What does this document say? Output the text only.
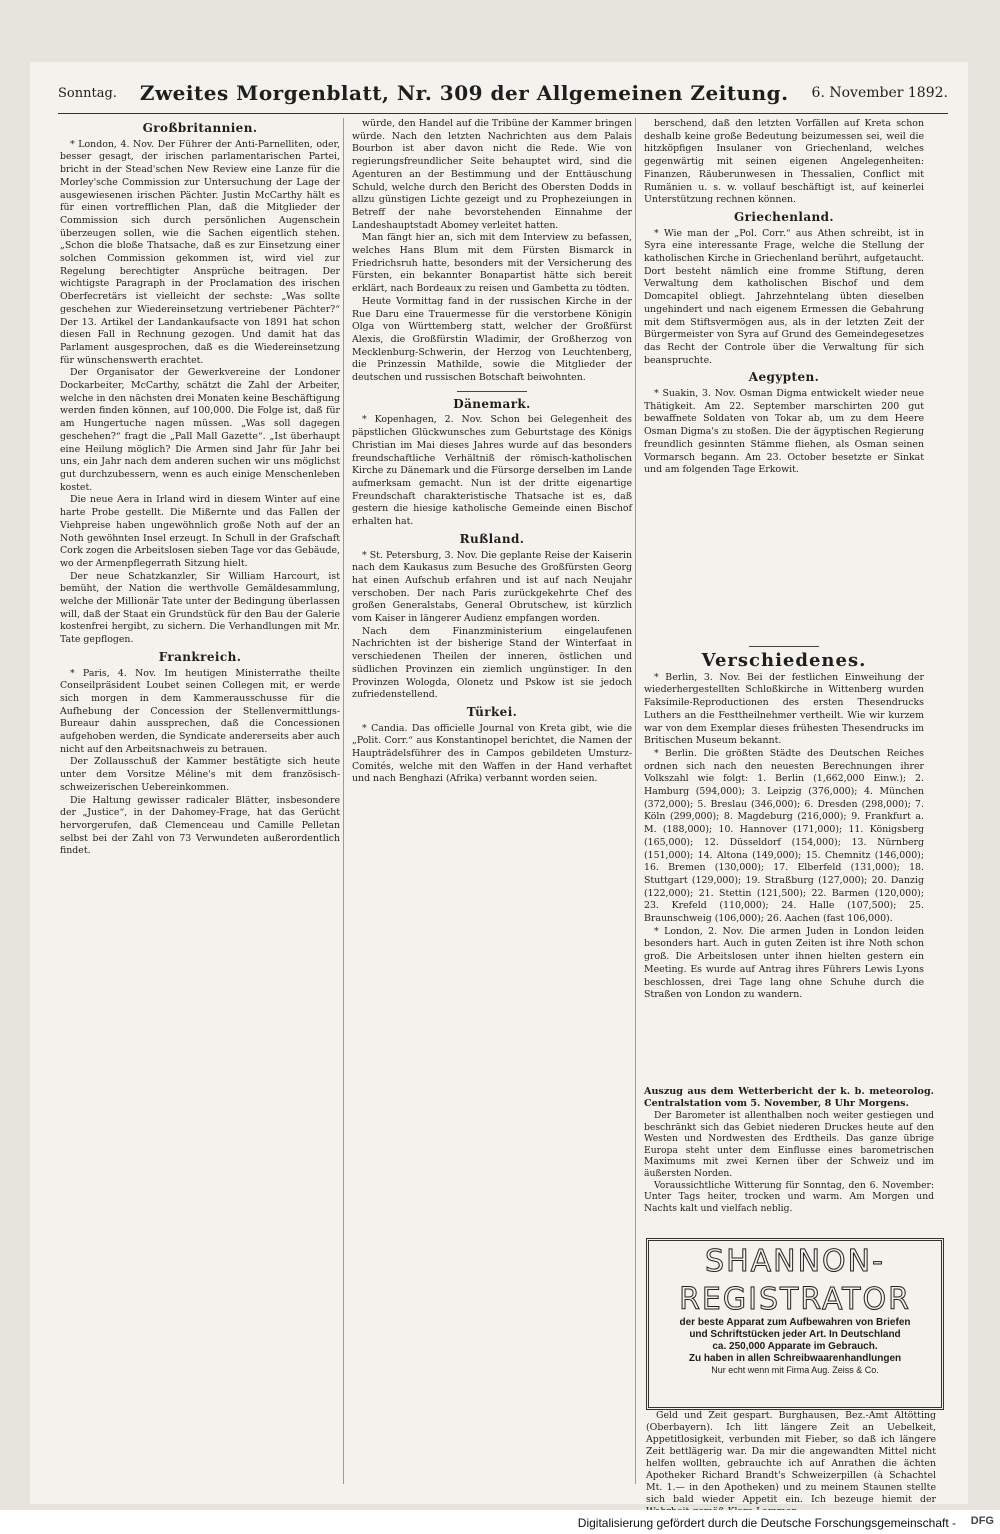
Sonntag. Zweites Morgenblatt, Nr. 309 der Allgemeinen Zeitung. 6. November 1892.
Großbritannien.

* London, 4. Nov. Der Führer der Anti-Parnelliten, oder, besser gesagt, der irischen parlamentarischen Partei, bricht in der Stead'schen New Review eine Lanze für die Morley'sche Commission zur Untersuchung der Lage der ausgewiesenen irischen Pächter. Justin McCarthy hält es für einen vortrefflichen Plan, daß die Mitglieder der Commission sich durch persönlichen Augenschein überzeugen sollen, wie die Sachen eigentlich stehen. „Schon die bloße Thatsache, daß es zur Einsetzung einer solchen Commission gekommen ist, wird viel zur Regelung berechtigter Ansprüche beitragen. Der wichtigste Paragraph in der Proclamation des irischen Oberfecretärs ist vielleicht der sechste: „Was sollte geschehen zur Wiedereinsetzung vertriebener Pächter?“ Der 13. Artikel der Landankaufsacte von 1891 hat schon diesen Fall in Rechnung gezogen. Und damit hat das Parlament ausgesprochen, daß es die Wiedereinsetzung für wünschenswerth erachtet.

Der Organisator der Gewerkvereine der Londoner Dockarbeiter, McCarthy, schätzt die Zahl der Arbeiter, welche in den nächsten drei Monaten keine Beschäftigung werden finden können, auf 100,000. Die Folge ist, daß für am Hungertuche nagen müssen. „Was soll dagegen geschehen?“ fragt die „Pall Mall Gazette“. „Ist überhaupt eine Heilung möglich? Die Armen sind Jahr für Jahr bei uns, ein Jahr nach dem anderen suchen wir uns möglichst gut durchzubessern, wenn es auch einige Menschenleben kostet.

Die neue Aera in Irland wird in diesem Winter auf eine harte Probe gestellt. Die Mißernte und das Fallen der Viehpreise haben ungewöhnlich große Noth auf der an Noth gewöhnten Insel erzeugt. In Schull in der Grafschaft Cork zogen die Arbeitslosen sieben Tage vor das Gebäude, wo der Armenpflegerrath Sitzung hielt.

Der neue Schatzkanzler, Sir William Harcourt, ist bemüht, der Nation die werthvolle Gemäldesammlung, welche der Millionär Tate unter der Bedingung überlassen will, daß der Staat ein Grundstück für den Bau der Galerie kostenfrei hergibt, zu sichern. Die Verhandlungen mit Mr. Tate gepflogen.

Frankreich.

* Paris, 4. Nov. Im heutigen Ministerrathe theilte Conseilpräsident Loubet seinen Collegen mit, er werde sich morgen in dem Kammerausschusse für die Aufhebung der Concession der Stellenvermittlungs-Bureaur dahin aussprechen, daß die Concessionen aufgehoben werden, die Syndicate andererseits aber auch nicht auf den Arbeitsnachweis zu betrauen.

Der Zollausschuß der Kammer bestätigte sich heute unter dem Vorsitze Méline's mit dem französisch-schweizerischen Uebereinkommen.

Die Haltung gewisser radicaler Blätter, insbesondere der „Justice“, in der Dahomey-Frage, hat das Gerücht hervorgerufen, daß Clemenceau und Camille Pelletan selbst bei der Zahl von 73 Verwundeten außerordentlich findet.

würde, den Handel auf die Tribüne der Kammer bringen würde. Nach den letzten Nachrichten aus dem Palais Bourbon ist aber davon nicht die Rede. Wie von regierungsfreundlicher Seite behauptet wird, sind die Agenturen an der Bestimmung und der Enttäuschung Schuld, welche durch den Bericht des Obersten Dodds in allzu günstigen Lichte gezeigt und zu Prophezeiungen in Betreff der nahe bevorstehenden Einnahme der Landeshauptstadt Abomey verleitet hatten.

Man fängt hier an, sich mit dem Interview zu befassen, welches Hans Blum mit dem Fürsten Bismarck in Friedrichsruh hatte, besonders mit der Versicherung des Fürsten, ein bekannter Bonapartist hätte sich bereit erklärt, nach Bordeaux zu reisen und Gambetta zu tödten.

Heute Vormittag fand in der russischen Kirche in der Rue Daru eine Trauermesse für die verstorbene Königin Olga von Württemberg statt, welcher der Großfürst Alexis, die Großfürstin Wladimir, der Großherzog von Mecklenburg-Schwerin, der Herzog von Leuchtenberg, die Prinzessin Mathilde, sowie die Mitglieder der deutschen und russischen Botschaft beiwohnten.

Dänemark.

* Kopenhagen, 2. Nov. Schon bei Gelegenheit des päpstlichen Glückwunsches zum Geburtstage des Königs Christian im Mai dieses Jahres wurde auf das besonders freundschaftliche Verhältniß der römisch-katholischen Kirche zu Dänemark und die Fürsorge derselben im Lande aufmerksam gemacht. Nun ist der dritte eigenartige Freundschaft charakteristische Thatsache ist es, daß gestern die hiesige katholische Gemeinde einen Bischof erhalten hat.

Rußland.

* St. Petersburg, 3. Nov. Die geplante Reise der Kaiserin nach dem Kaukasus zum Besuche des Großfürsten Georg hat einen Aufschub erfahren und ist auf nach Neujahr verschoben. Der nach Paris zurückgekehrte Chef des großen Generalstabs, General Obrutschew, ist kürzlich vom Kaiser in längerer Audienz empfangen worden.

Nach dem Finanzministerium eingelaufenen Nachrichten ist der bisherige Stand der Winterfaat in verschiedenen Theilen der inneren, östlichen und südlichen Provinzen ein ziemlich ungünstiger. In den Provinzen Wologda, Olonetz und Pskow ist sie jedoch zufriedenstellend.

Türkei.

* Candia. Das officielle Journal von Kreta gibt, wie die „Polit. Corr.“ aus Konstantinopel berichtet, die Namen der Haupträdelsführer des in Campos gebildeten Umsturz-Comités, welche mit den Waffen in der Hand verhaftet und nach Benghazi (Afrika) verbannt worden seien.

berschend, daß den letzten Vorfällen auf Kreta schon deshalb keine große Bedeutung beizumessen sei, weil die hitzköpfigen Insulaner von Griechenland, welches gegenwärtig mit seinen eigenen Angelegenheiten: Finanzen, Räuberunwesen in Thessalien, Conflict mit Rumänien u. s. w. vollauf beschäftigt ist, auf keinerlei Unterstützung rechnen können.

Griechenland.

* Wie man der „Pol. Corr.“ aus Athen schreibt, ist in Syra eine interessante Frage, welche die Stellung der katholischen Kirche in Griechenland berührt, aufgetaucht. Dort besteht nämlich eine fromme Stiftung, deren Verwaltung dem katholischen Bischof und dem Domcapitel obliegt. Jahrzehntelang übten dieselben ungehindert und nach eigenem Ermessen die Gebahrung mit dem Stiftsvermögen aus, als in der letzten Zeit der Bürgermeister von Syra auf Grund des Gemeindegesetzes das Recht der Controle über die Verwaltung für sich beanspruchte.

Aegypten.

* Suakin, 3. Nov. Osman Digma entwickelt wieder neue Thätigkeit. Am 22. September marschirten 200 gut bewaffnete Soldaten von Tokar ab, um zu dem Heere Osman Digma's zu stoßen. Die der ägyptischen Regierung freundlich gesinnten Stämme fliehen, als Osman seinen Vormarsch begann. Am 23. October besetzte er Sinkat und am folgenden Tage Erkowit.

Verschiedenes.

* Berlin, 3. Nov. Bei der festlichen Einweihung der wiederhergestellten Schloßkirche in Wittenberg wurden Faksimile-Reproductionen des ersten Thesendrucks Luthers an die Festtheilnehmer vertheilt. Wie wir kurzem war von dem Exemplar dieses frühesten Thesendrucks im Britischen Museum bekannt.

* Berlin. Die größten Städte des Deutschen Reiches ordnen sich nach den neuesten Berechnungen ihrer Volkszahl wie folgt: 1. Berlin (1,662,000 Einw.); 2. Hamburg (594,000); 3. Leipzig (376,000); 4. München (372,000); 5. Breslau (346,000); 6. Dresden (298,000); 7. Köln (299,000); 8. Magdeburg (216,000); 9. Frankfurt a. M. (188,000); 10. Hannover (171,000); 11. Königsberg (165,000); 12. Düsseldorf (154,000); 13. Nürnberg (151,000); 14. Altona (149,000); 15. Chemnitz (146,000); 16. Bremen (130,000); 17. Elberfeld (131,000); 18. Stuttgart (129,000); 19. Straßburg (127,000); 20. Danzig (122,000); 21. Stettin (121,500); 22. Barmen (120,000); 23. Krefeld (110,000); 24. Halle (107,500); 25. Braunschweig (106,000); 26. Aachen (fast 106,000).

* London, 2. Nov. Die armen Juden in London leiden besonders hart. Auch in guten Zeiten ist ihre Noth schon groß. Die Arbeitslosen unter ihnen hielten gestern ein Meeting. Es wurde auf Antrag ihres Führers Lewis Lyons beschlossen, drei Tage lang ohne Schuhe durch die Straßen von London zu wandern.

Auszug aus dem Wetterbericht der k. b. meteorolog. Centralstation vom 5. November, 8 Uhr Morgens.

Der Barometer ist allenthalben noch weiter gestiegen und beschränkt sich das Gebiet niederen Druckes heute auf den Westen und Nordwesten des Erdtheils. Das ganze übrige Europa steht unter dem Einflusse eines barometrischen Maximums mit zwei Kernen über der Schweiz und im äußersten Norden.

Voraussichtliche Witterung für Sonntag, den 6. November: Unter Tags heiter, trocken und warm. Am Morgen und Nachts kalt und vielfach neblig.

SHANNON-
REGISTRATOR
der beste Apparat zum Aufbewahren von Briefen
und Schriftstücken jeder Art. In Deutschland
ca. 250,000 Apparate im Gebrauch.
Zu haben in allen Schreibwaarenhandlungen
Nur echt wenn mit Firma Aug. Zeiss & Co.

Geld und Zeit gespart. Burghausen, Bez.-Amt Altötting (Oberbayern). Ich litt längere Zeit an Uebelkeit, Appetitlosigkeit, verbunden mit Fieber, so daß ich längere Zeit bettlägerig war. Da mir die angewandten Mittel nicht helfen wollten, gebrauchte ich auf Anrathen die ächten Apotheker Richard Brandt's Schweizerpillen (à Schachtel Mt. 1.— in den Apotheken) und zu meinem Staunen stellte sich bald wieder Appetit ein. Ich bezeuge hiemit der

Digitalisierung gefördert durch die Deutsche Forschungsgemeinschaft - DFG
